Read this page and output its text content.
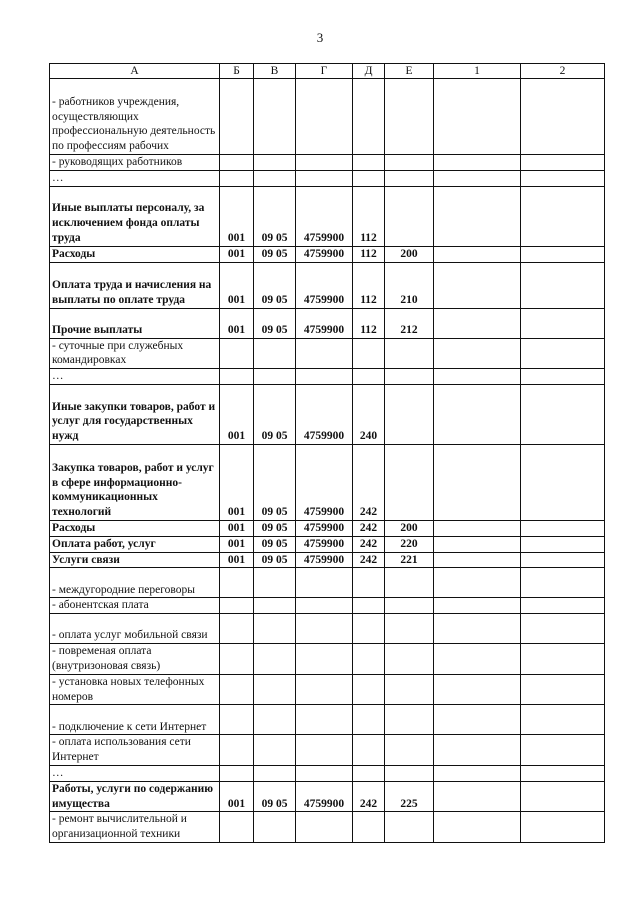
3
А	Б	В	Г	Д	Е	1	2
- работников учреждения, осуществляющих профессиональную деятельность по профессиям рабочих							
- руководящих работников							
…							
Иные выплаты персоналу, за исключением фонда оплаты труда	001	09 05	4759900	112			
Расходы	001	09 05	4759900	112	200		
Оплата труда и начисления на выплаты по оплате труда	001	09 05	4759900	112	210		
Прочие выплаты	001	09 05	4759900	112	212		
- суточные при служебных командировках							
…							
Иные закупки товаров, работ и услуг для государственных нужд	001	09 05	4759900	240			
Закупка товаров, работ и услуг в сфере информационно-коммуникационных технологий	001	09 05	4759900	242			
Расходы	001	09 05	4759900	242	200		
Оплата работ, услуг	001	09 05	4759900	242	220		
Услуги связи	001	09 05	4759900	242	221		
- междугородние переговоры							
- абонентская плата							
- оплата услуг мобильной связи							
- повременая оплата (внутризоновая связь)							
- установка новых телефонных номеров							
- подключение к сети Интернет							
- оплата использования сети Интернет							
…							
Работы, услуги по содержанию имущества	001	09 05	4759900	242	225		
- ремонт вычислительной и организационной техники							
